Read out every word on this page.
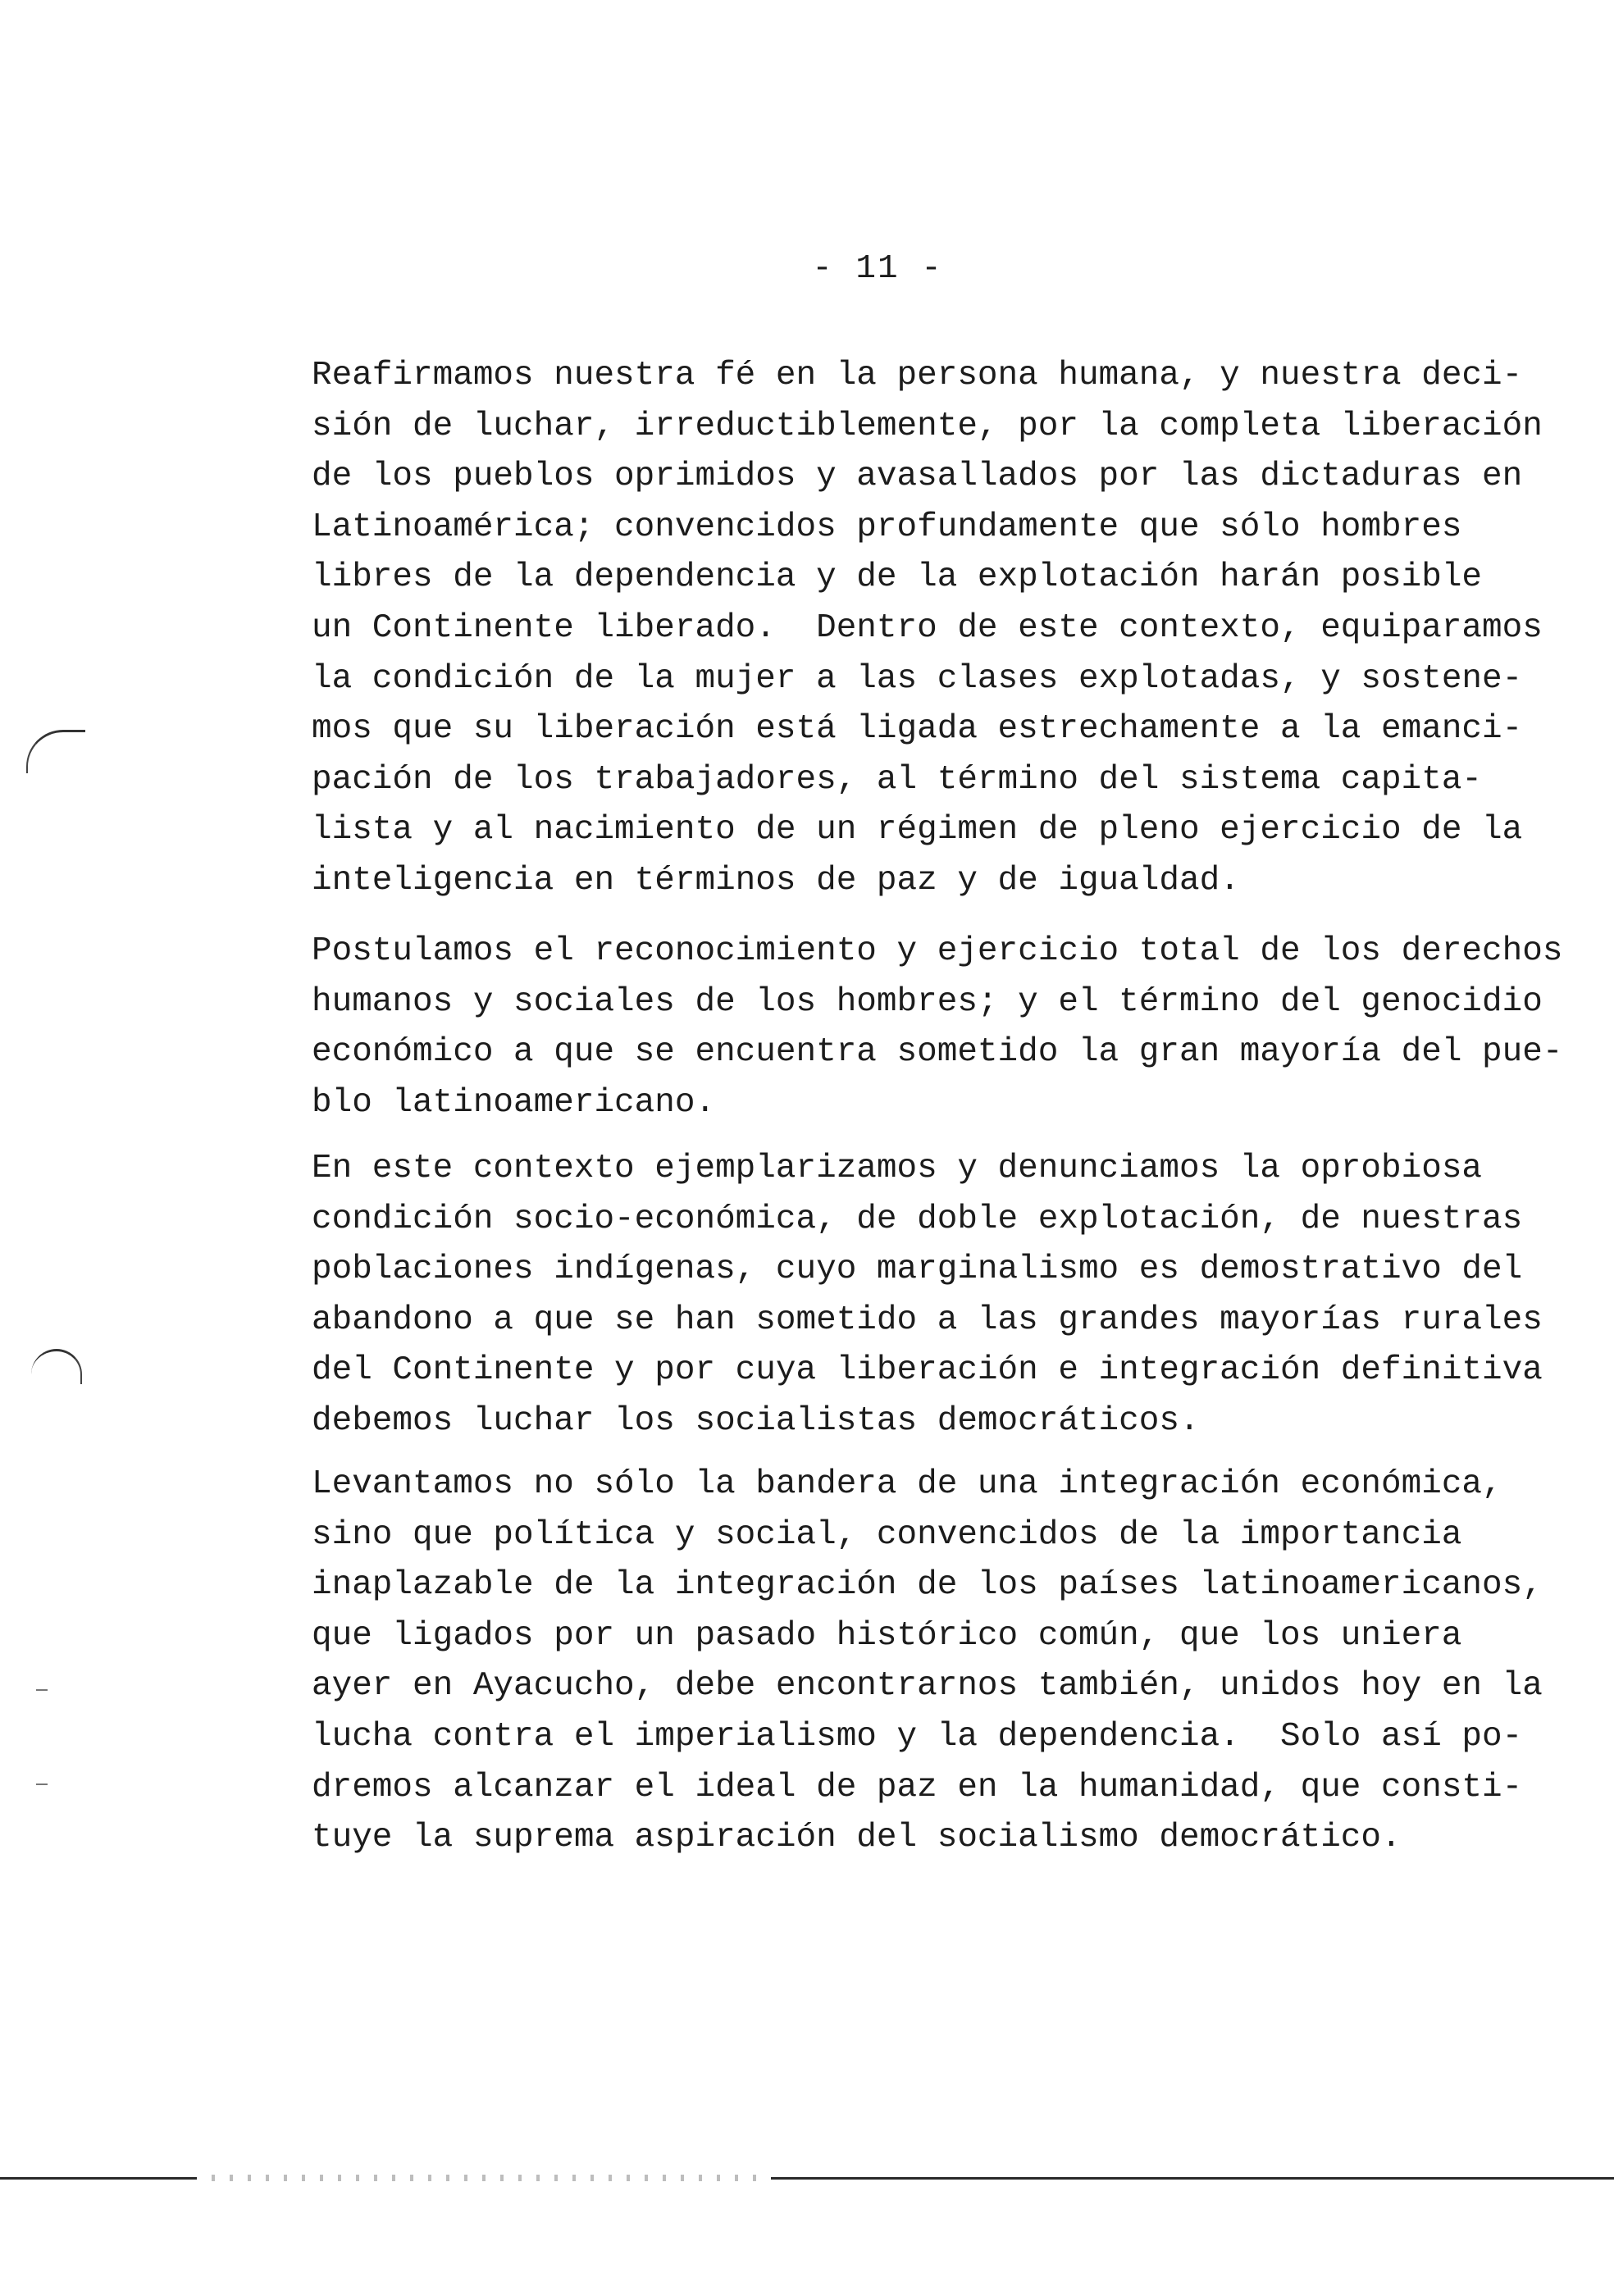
- 11 -
Reafirmamos nuestra fé en la persona humana, y nuestra deci-
sión de luchar, irreductiblemente, por la completa liberación
de los pueblos oprimidos y avasallados por las dictaduras en
Latinoamérica; convencidos profundamente que sólo hombres
libres de la dependencia y de la explotación harán posible
un Continente liberado.  Dentro de este contexto, equiparamos
la condición de la mujer a las clases explotadas, y sostene-
mos que su liberación está ligada estrechamente a la emanci-
pación de los trabajadores, al término del sistema capita-
lista y al nacimiento de un régimen de pleno ejercicio de la
inteligencia en términos de paz y de igualdad.
Postulamos el reconocimiento y ejercicio total de los derechos
humanos y sociales de los hombres; y el término del genocidio
económico a que se encuentra sometido la gran mayoría del pue-
blo latinoamericano.
En este contexto ejemplarizamos y denunciamos la oprobiosa
condición socio-económica, de doble explotación, de nuestras
poblaciones indígenas, cuyo marginalismo es demostrativo del
abandono a que se han sometido a las grandes mayorías rurales
del Continente y por cuya liberación e integración definitiva
debemos luchar los socialistas democráticos.
Levantamos no sólo la bandera de una integración económica,
sino que política y social, convencidos de la importancia
inaplazable de la integración de los países latinoamericanos,
que ligados por un pasado histórico común, que los uniera
ayer en Ayacucho, debe encontrarnos también, unidos hoy en la
lucha contra el imperialismo y la dependencia.  Solo así po-
dremos alcanzar el ideal de paz en la humanidad, que consti-
tuye la suprema aspiración del socialismo democrático.
